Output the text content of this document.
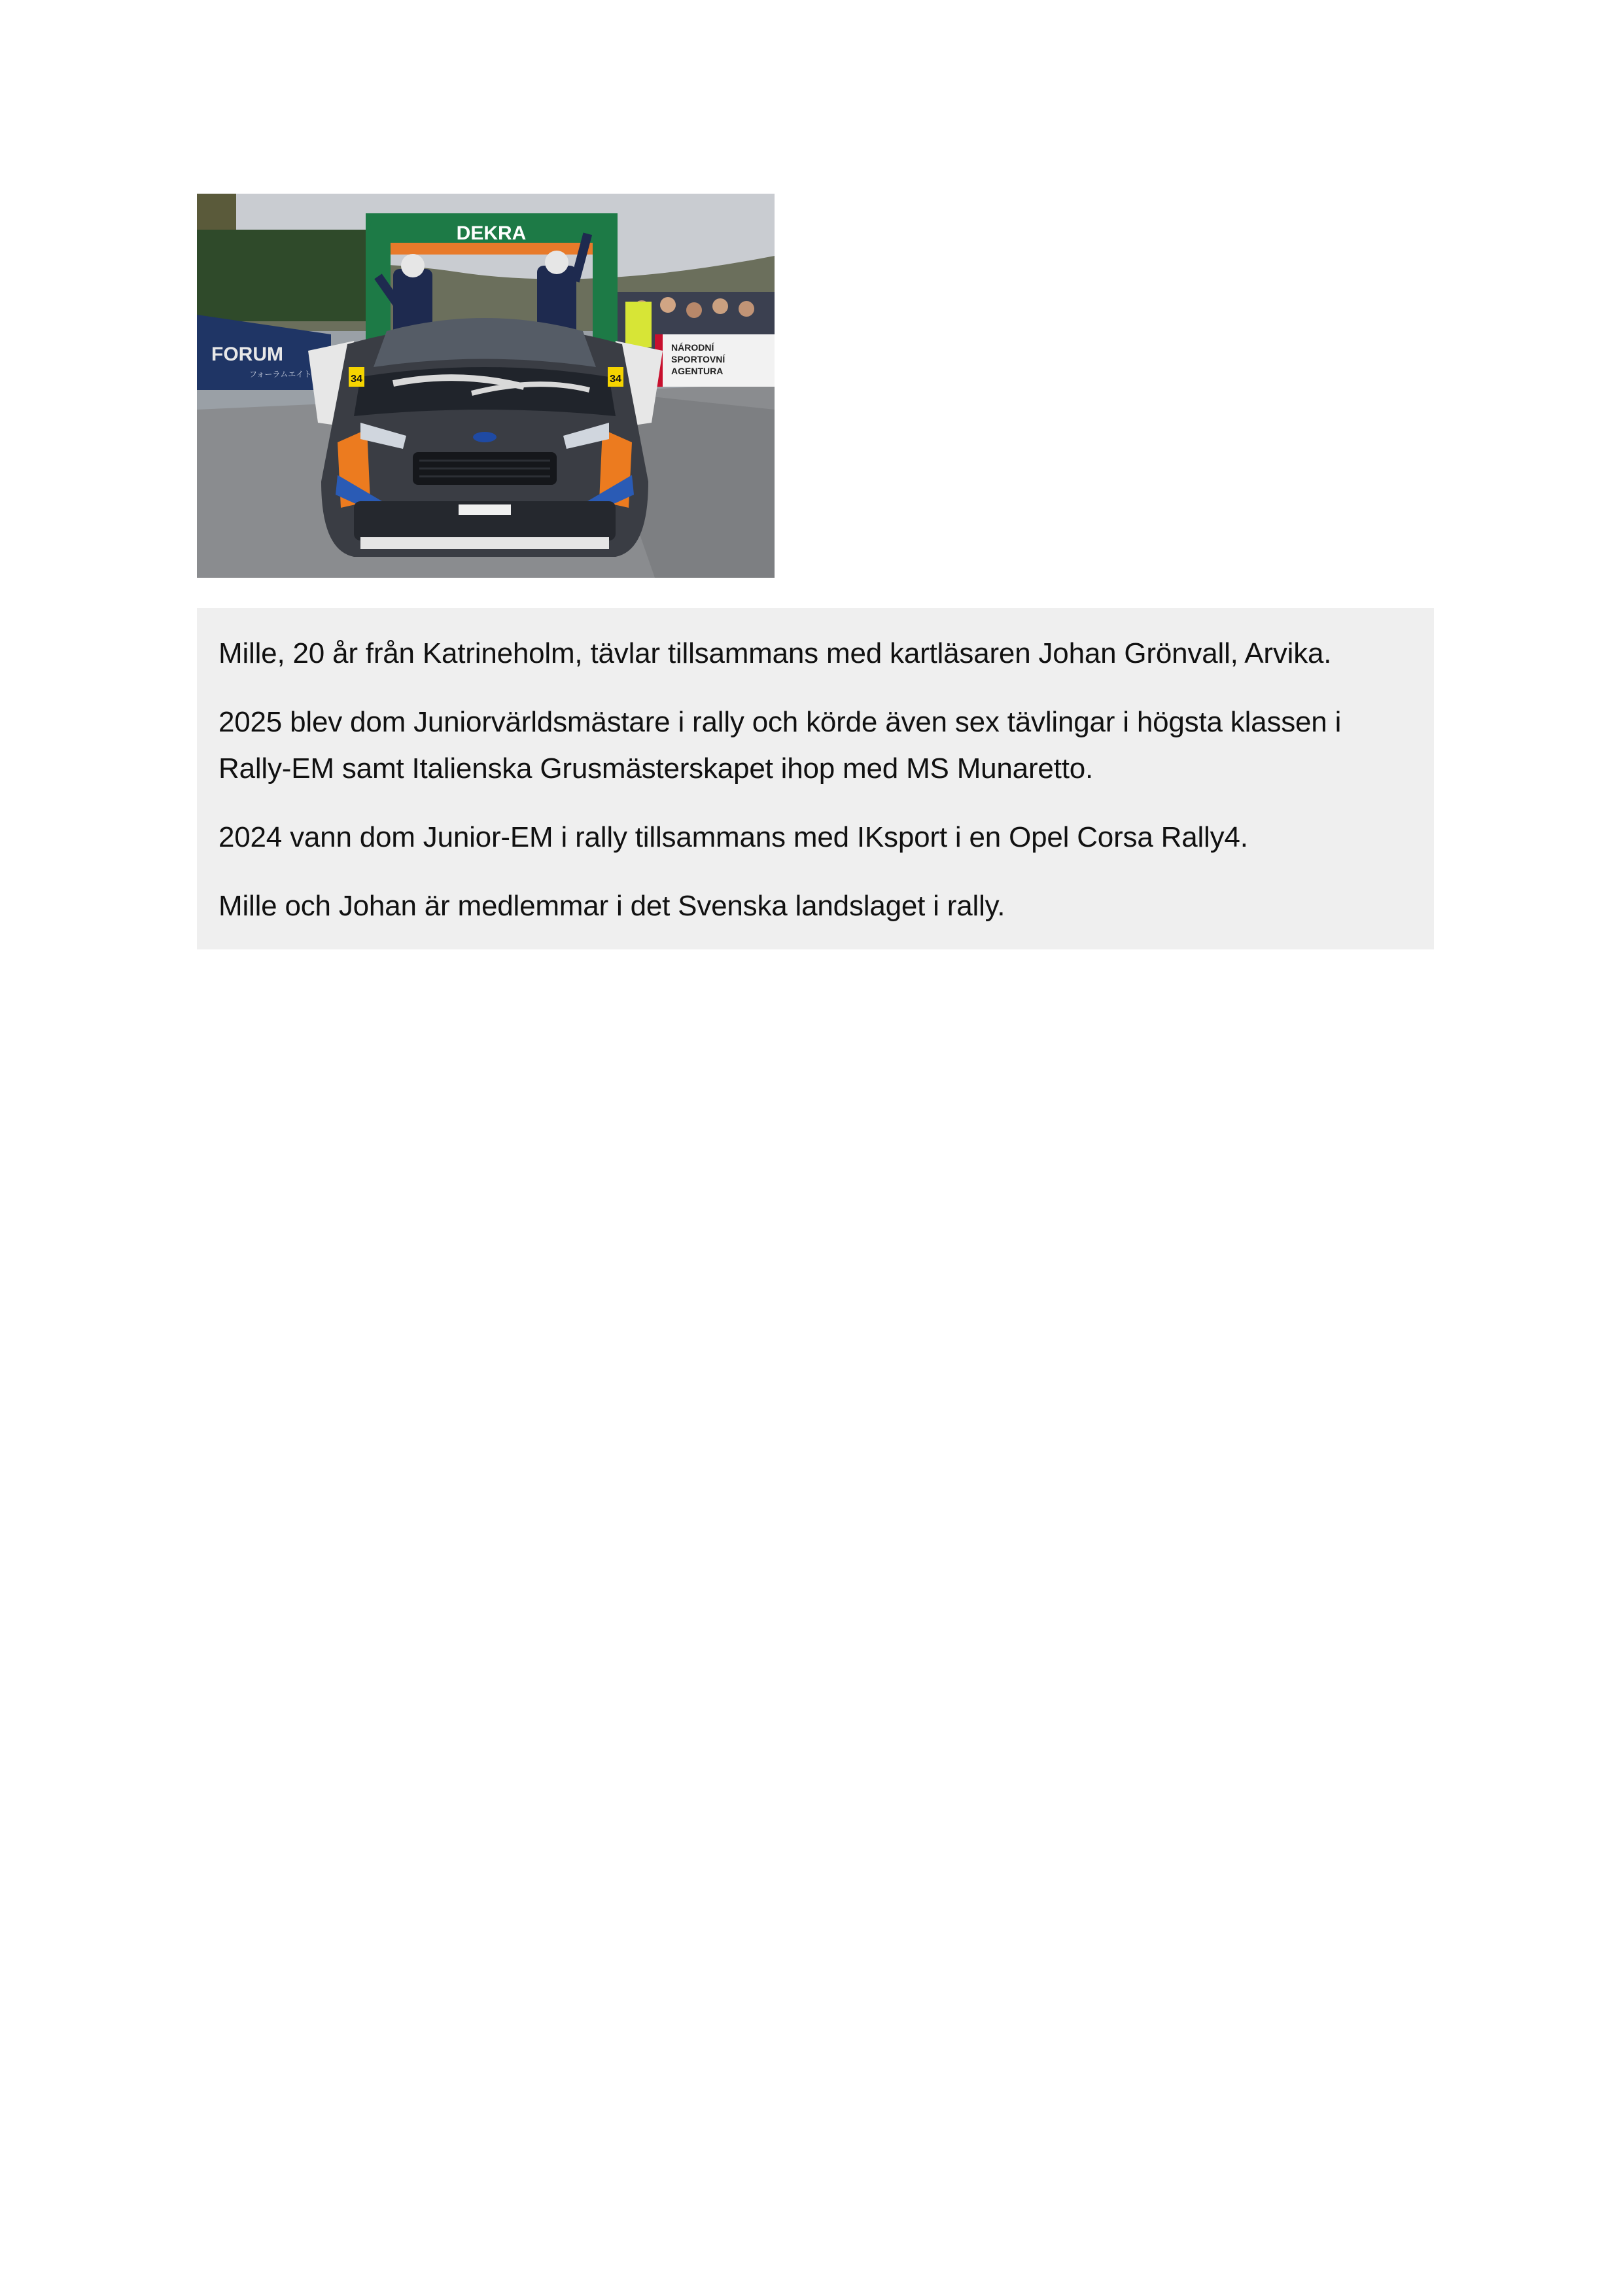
DEKRA
FORUM
フォーラムエイト
NÁRODNÍ
SPORTOVNÍ
AGENTURA
34	34

Mille, 20 år från Katrineholm, tävlar tillsammans med kartläsaren Johan Grönvall, Arvika.

2025 blev dom Juniorvärldsmästare i rally och körde även sex tävlingar i högsta klassen i Rally-EM samt Italienska Grusmästerskapet ihop med MS Munaretto.

2024 vann dom Junior-EM i rally tillsammans med IKsport i en Opel Corsa Rally4.

Mille och Johan är medlemmar i det Svenska landslaget i rally.
